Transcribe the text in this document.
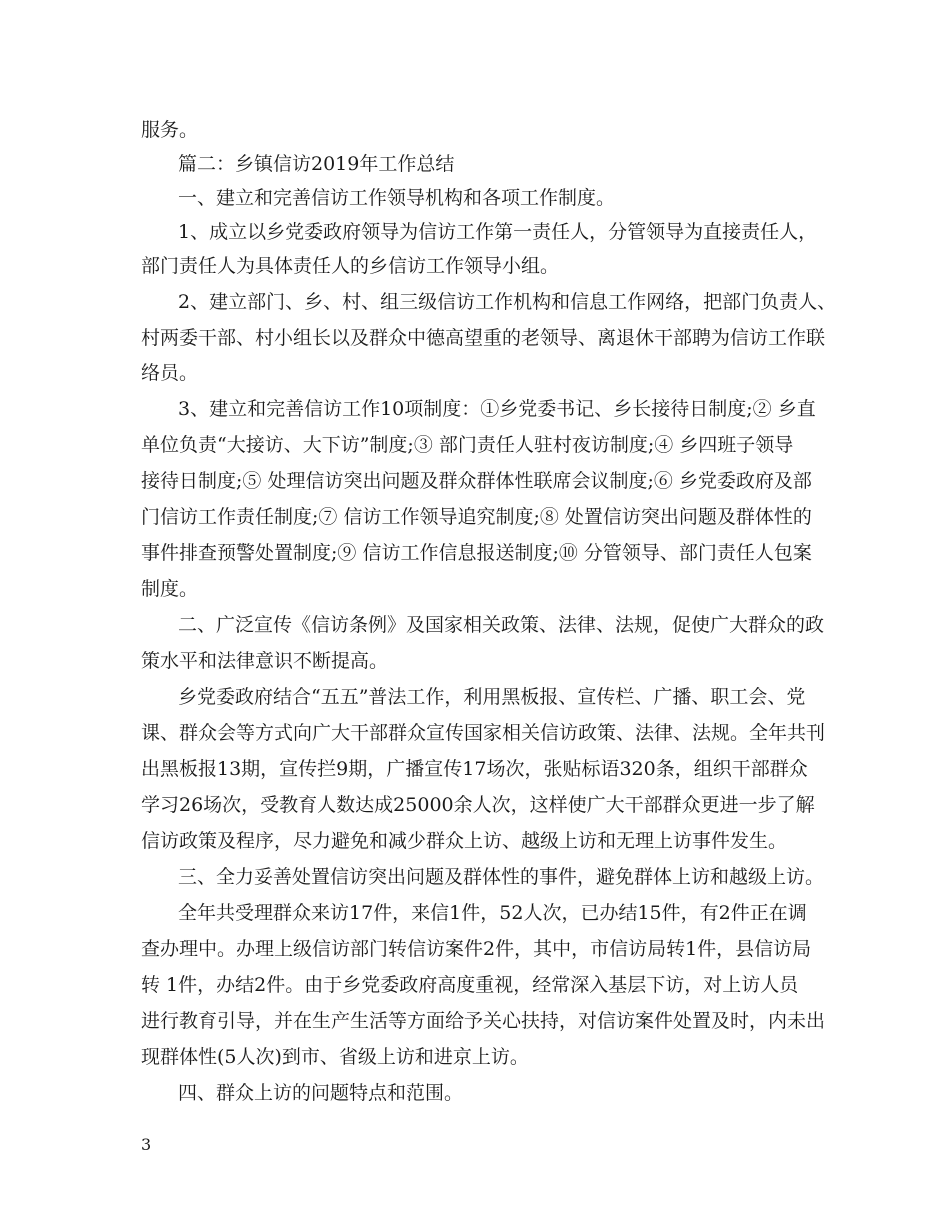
服务。
篇二：乡镇信访2019年工作总结
一、建立和完善信访工作领导机构和各项工作制度。
1、成立以乡党委政府领导为信访工作第一责任人，分管领导为直接责任人，
部门责任人为具体责任人的乡信访工作领导小组。
2、建立部门、乡、村、组三级信访工作机构和信息工作网络，把部门负责人、
村两委干部、村小组长以及群众中德高望重的老领导、离退休干部聘为信访工作联
络员。
3、建立和完善信访工作10项制度：①乡党委书记、乡长接待日制度;② 乡直
单位负责“大接访、大下访”制度;③ 部门责任人驻村夜访制度;④ 乡四班子领导
接待日制度;⑤ 处理信访突出问题及群众群体性联席会议制度;⑥ 乡党委政府及部
门信访工作责任制度;⑦ 信访工作领导追究制度;⑧ 处置信访突出问题及群体性的
事件排查预警处置制度;⑨ 信访工作信息报送制度;⑩ 分管领导、部门责任人包案
制度。
二、广泛宣传《信访条例》及国家相关政策、法律、法规，促使广大群众的政
策水平和法律意识不断提高。
乡党委政府结合“五五”普法工作，利用黑板报、宣传栏、广播、职工会、党
课、群众会等方式向广大干部群众宣传国家相关信访政策、法律、法规。全年共刊
出黑板报13期，宣传拦9期，广播宣传17场次，张贴标语320条，组织干部群众
学习26场次，受教育人数达成25000余人次，这样使广大干部群众更进一步了解
信访政策及程序，尽力避免和减少群众上访、越级上访和无理上访事件发生。
三、全力妥善处置信访突出问题及群体性的事件，避免群体上访和越级上访。
全年共受理群众来访17件，来信1件，52人次，已办结15件，有2件正在调
查办理中。办理上级信访部门转信访案件2件，其中，市信访局转1件，县信访局
转 1件，办结2件。由于乡党委政府高度重视，经常深入基层下访，对上访人员
进行教育引导，并在生产生活等方面给予关心扶持，对信访案件处置及时，内未出
现群体性(5人次)到市、省级上访和进京上访。
四、群众上访的问题特点和范围。
3
